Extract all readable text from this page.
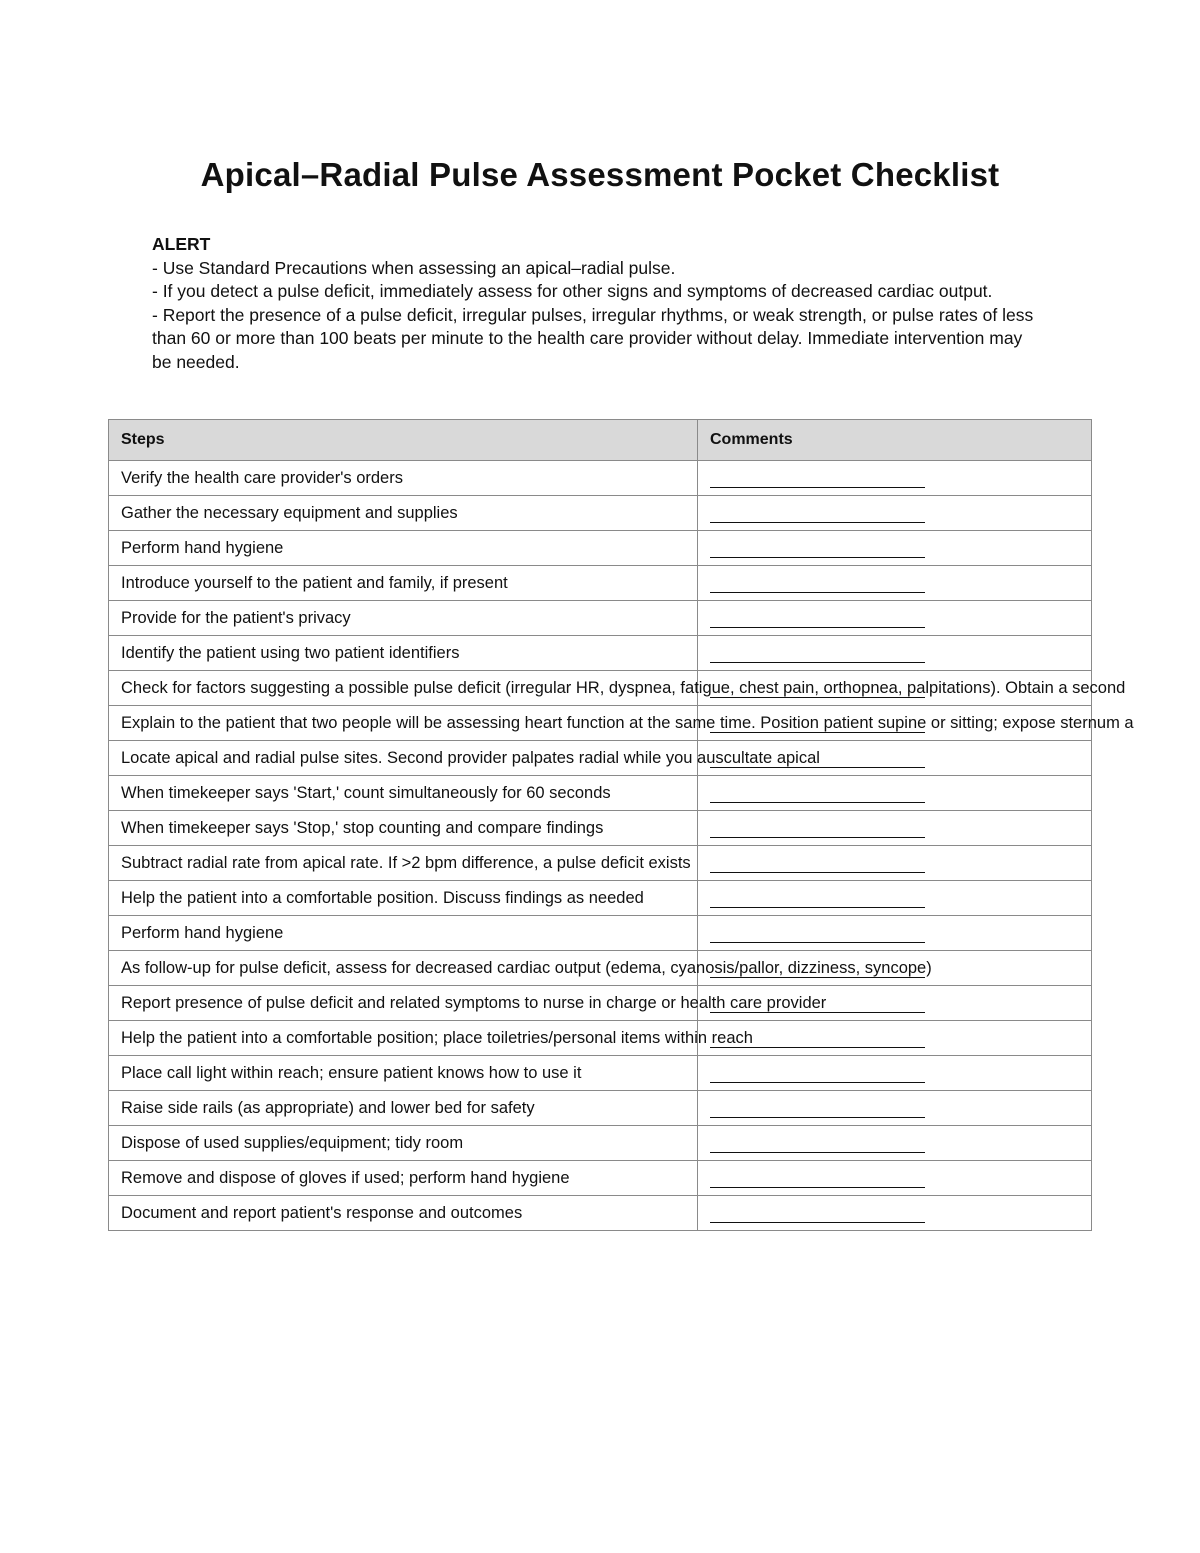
Apical–Radial Pulse Assessment Pocket Checklist
ALERT
- Use Standard Precautions when assessing an apical–radial pulse.
- If you detect a pulse deficit, immediately assess for other signs and symptoms of decreased cardiac output.
- Report the presence of a pulse deficit, irregular pulses, irregular rhythms, or weak strength, or pulse rates of less than 60 or more than 100 beats per minute to the health care provider without delay. Immediate intervention may be needed.
Steps	Comments
Verify the health care provider's orders	
Gather the necessary equipment and supplies	
Perform hand hygiene	
Introduce yourself to the patient and family, if present	
Provide for the patient's privacy	
Identify the patient using two patient identifiers	
Check for factors suggesting a possible pulse deficit (irregular HR, dyspnea, fatigue, chest pain, orthopnea, palpitations). Obtain a second	
Explain to the patient that two people will be assessing heart function at the same time. Position patient supine or sitting; expose sternum a	
Locate apical and radial pulse sites. Second provider palpates radial while you auscultate apical	
When timekeeper says 'Start,' count simultaneously for 60 seconds	
When timekeeper says 'Stop,' stop counting and compare findings	
Subtract radial rate from apical rate. If >2 bpm difference, a pulse deficit exists	
Help the patient into a comfortable position. Discuss findings as needed	
Perform hand hygiene	
As follow-up for pulse deficit, assess for decreased cardiac output (edema, cyanosis/pallor, dizziness, syncope)	
Report presence of pulse deficit and related symptoms to nurse in charge or health care provider	
Help the patient into a comfortable position; place toiletries/personal items within reach	
Place call light within reach; ensure patient knows how to use it	
Raise side rails (as appropriate) and lower bed for safety	
Dispose of used supplies/equipment; tidy room	
Remove and dispose of gloves if used; perform hand hygiene	
Document and report patient's response and outcomes	
